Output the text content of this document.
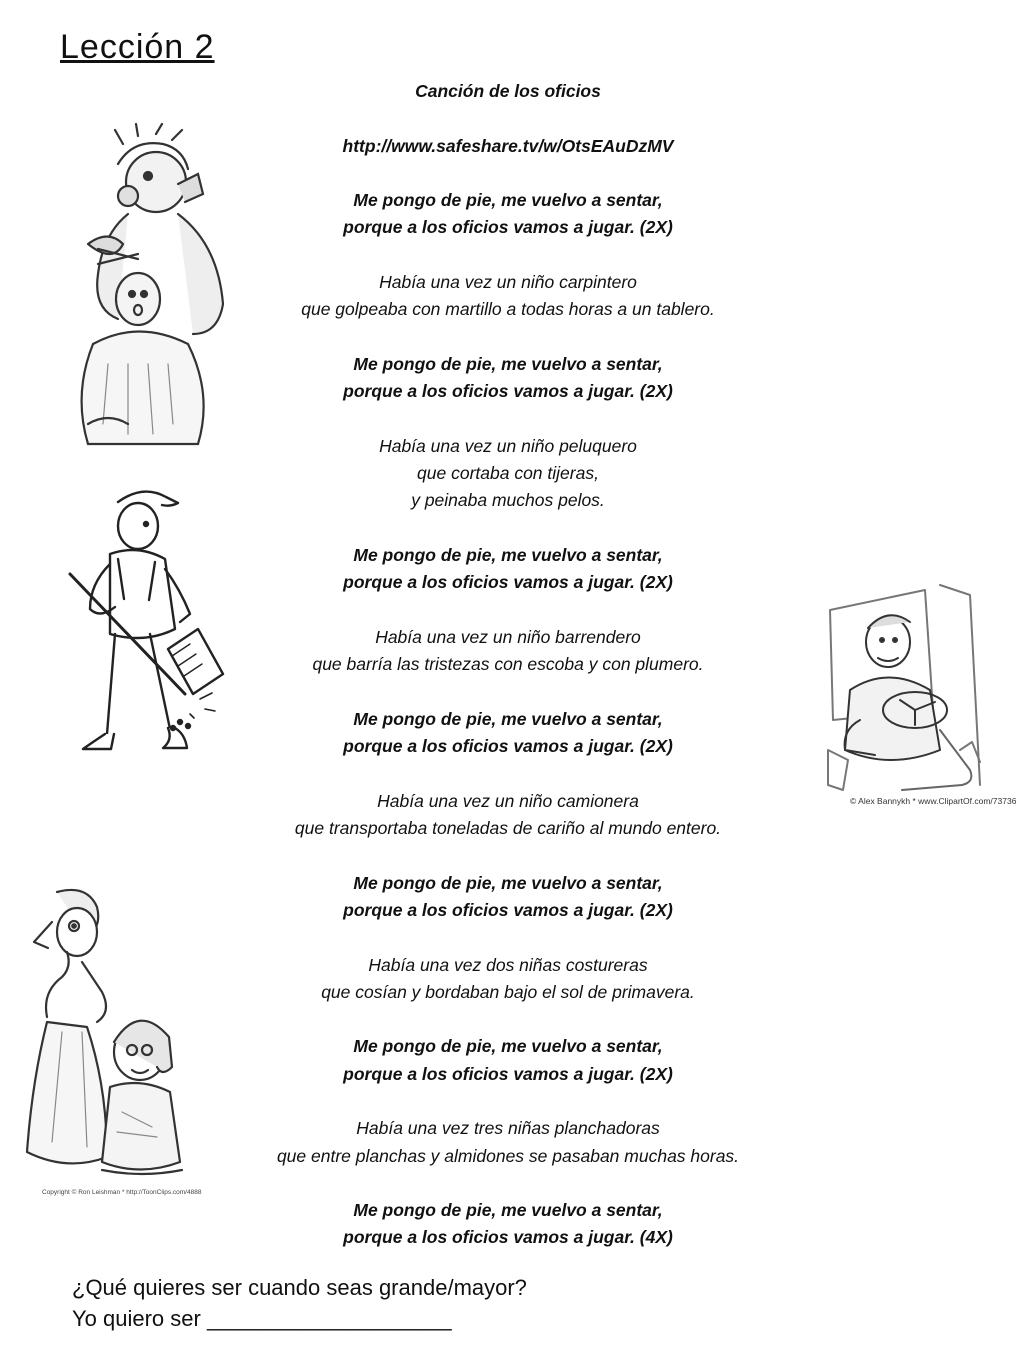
Lección 2
Canción de los oficios
http://www.safeshare.tv/w/OtsEAuDzMV
Me pongo de pie, me vuelvo a sentar,
porque a los oficios vamos a jugar. (2X)
Había una vez un niño carpintero
que golpeaba con martillo a todas horas a un tablero.
Me pongo de pie, me vuelvo a sentar,
porque a los oficios vamos a jugar. (2X)
Había una vez un niño peluquero
que cortaba con tijeras,
y peinaba muchos pelos.
Me pongo de pie, me vuelvo a sentar,
porque a los oficios vamos a jugar. (2X)
Había una vez un niño barrendero
que barría las tristezas con escoba y con plumero.
Me pongo de pie, me vuelvo a sentar,
porque a los oficios vamos a jugar. (2X)
Había una vez un niño camionera
que transportaba toneladas de cariño al mundo entero.
Me pongo de pie, me vuelvo a sentar,
porque a los oficios vamos a jugar. (2X)
Había una vez dos niñas costureras
que cosían y bordaban bajo el sol de primavera.
Me pongo de pie, me vuelvo a sentar,
porque a los oficios vamos a jugar. (2X)
Había una vez tres niñas planchadoras
que entre planchas y almidones se pasaban muchas horas.
Me pongo de pie, me vuelvo a sentar,
porque a los oficios vamos a jugar. (4X)
© Alex Bannykh * www.ClipartOf.com/73736
Copyright © Ron Leishman * http://ToonClips.com/4888
¿Qué quieres ser cuando seas grande/mayor?
Yo quiero ser ____________________
